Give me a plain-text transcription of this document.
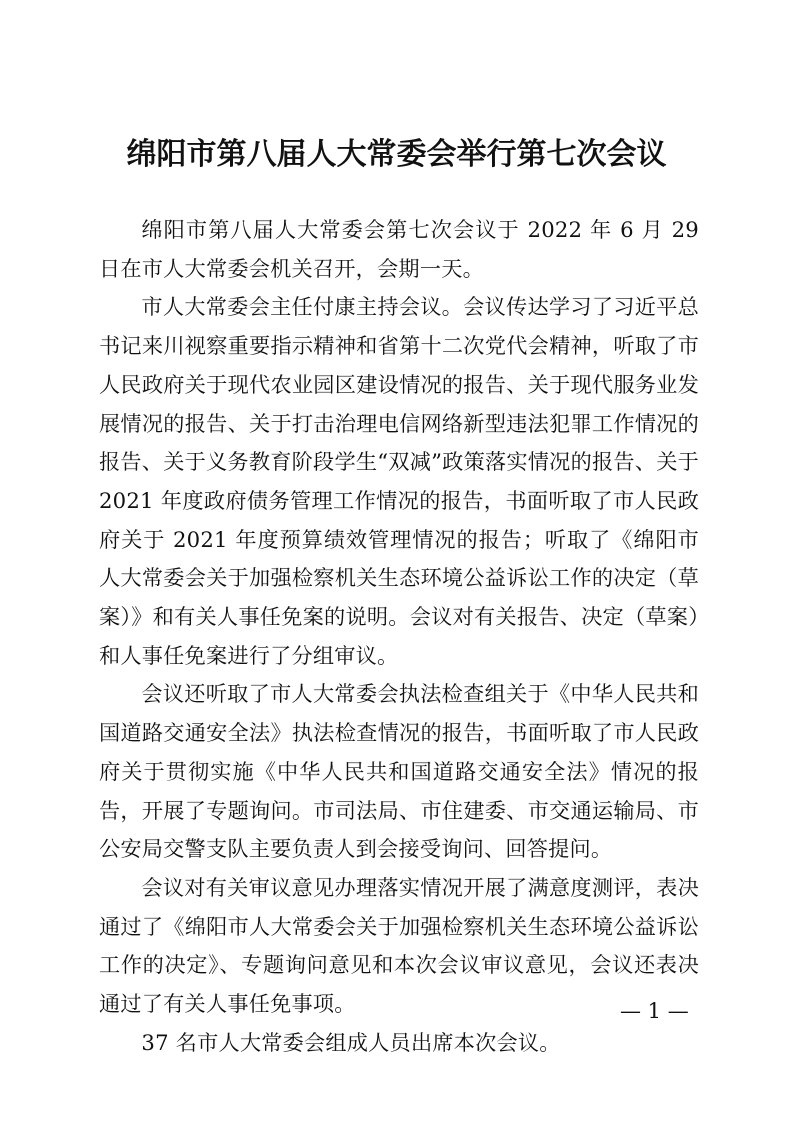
绵阳市第八届人大常委会举行第七次会议

绵阳市第八届人大常委会第七次会议于 2022 年 6 月 29 日在市人大常委会机关召开，会期一天。

市人大常委会主任付康主持会议。会议传达学习了习近平总书记来川视察重要指示精神和省第十二次党代会精神，听取了市人民政府关于现代农业园区建设情况的报告、关于现代服务业发展情况的报告、关于打击治理电信网络新型违法犯罪工作情况的报告、关于义务教育阶段学生“双减”政策落实情况的报告、关于 2021 年度政府债务管理工作情况的报告，书面听取了市人民政府关于 2021 年度预算绩效管理情况的报告；听取了《绵阳市人大常委会关于加强检察机关生态环境公益诉讼工作的决定（草案）》和有关人事任免案的说明。会议对有关报告、决定（草案）和人事任免案进行了分组审议。

会议还听取了市人大常委会执法检查组关于《中华人民共和国道路交通安全法》执法检查情况的报告，书面听取了市人民政府关于贯彻实施《中华人民共和国道路交通安全法》情况的报告，开展了专题询问。市司法局、市住建委、市交通运输局、市公安局交警支队主要负责人到会接受询问、回答提问。

会议对有关审议意见办理落实情况开展了满意度测评，表决通过了《绵阳市人大常委会关于加强检察机关生态环境公益诉讼工作的决定》、专题询问意见和本次会议审议意见，会议还表决通过了有关人事任免事项。

37 名市人大常委会组成人员出席本次会议。

— 1 —
